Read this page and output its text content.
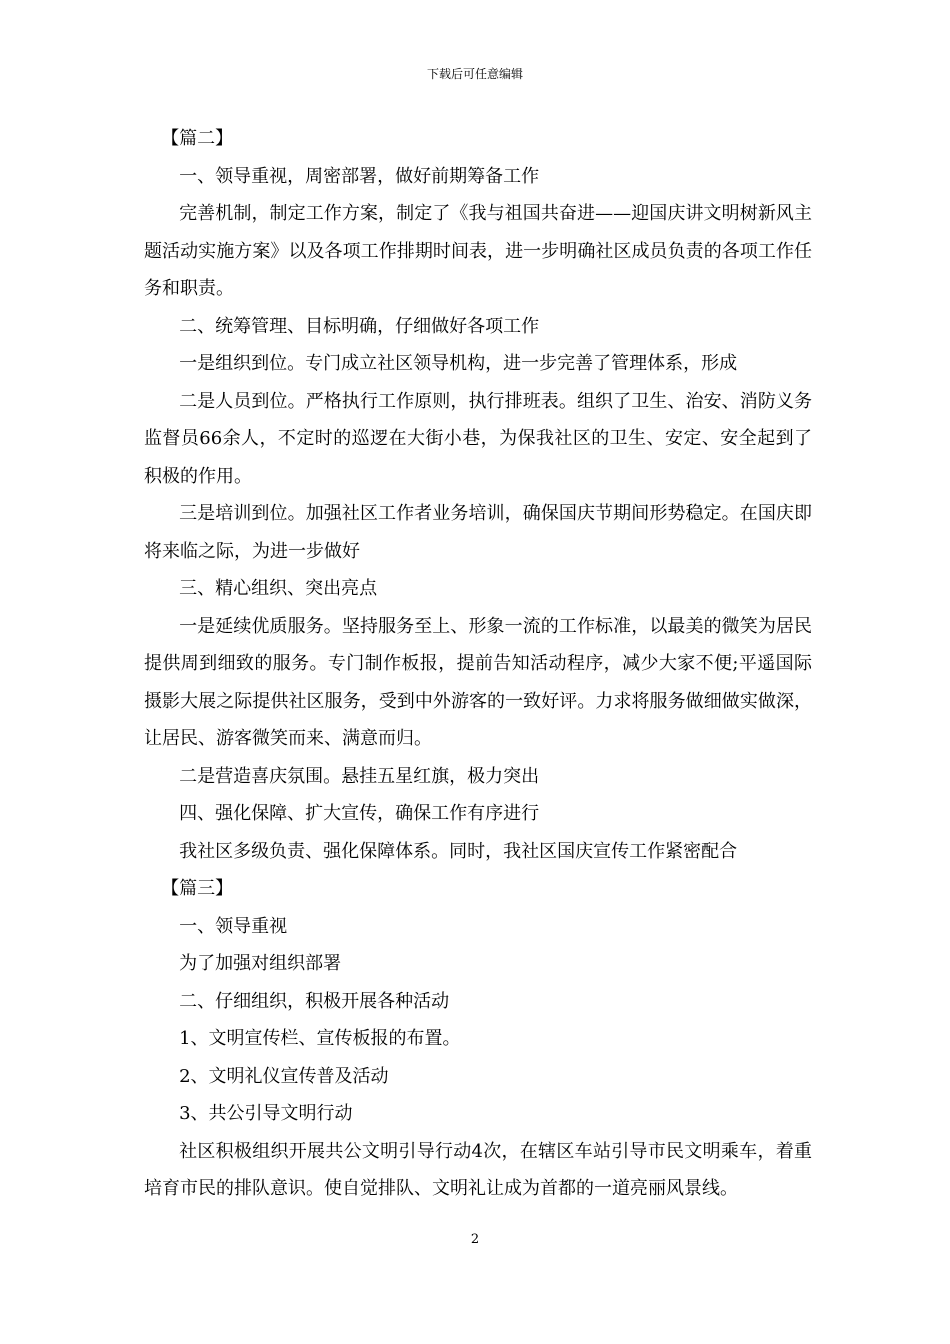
下载后可任意编辑

【篇二】

一、领导重视，周密部署，做好前期筹备工作

完善机制，制定工作方案，制定了《我与祖国共奋进——迎国庆讲文明树新风主题活动实施方案》以及各项工作排期时间表，进一步明确社区成员负责的各项工作任务和职责。

二、统筹管理、目标明确，仔细做好各项工作

一是组织到位。专门成立社区领导机构，进一步完善了管理体系，形成

二是人员到位。严格执行工作原则，执行排班表。组织了卫生、治安、消防义务监督员66余人，不定时的巡逻在大街小巷，为保我社区的卫生、安定、安全起到了积极的作用。

三是培训到位。加强社区工作者业务培训，确保国庆节期间形势稳定。在国庆即将来临之际，为进一步做好

三、精心组织、突出亮点

一是延续优质服务。坚持服务至上、形象一流的工作标准，以最美的微笑为居民提供周到细致的服务。专门制作板报，提前告知活动程序，减少大家不便;平遥国际摄影大展之际提供社区服务，受到中外游客的一致好评。力求将服务做细做实做深，让居民、游客微笑而来、满意而归。

二是营造喜庆氛围。悬挂五星红旗，极力突出

四、强化保障、扩大宣传，确保工作有序进行

我社区多级负责、强化保障体系。同时，我社区国庆宣传工作紧密配合

【篇三】

一、领导重视

为了加强对组织部署

二、仔细组织，积极开展各种活动

1、文明宣传栏、宣传板报的布置。

2、文明礼仪宣传普及活动

3、共公引导文明行动

社区积极组织开展共公文明引导行动4次，在辖区车站引导市民文明乘车，着重培育市民的排队意识。使自觉排队、文明礼让成为首都的一道亮丽风景线。

2
